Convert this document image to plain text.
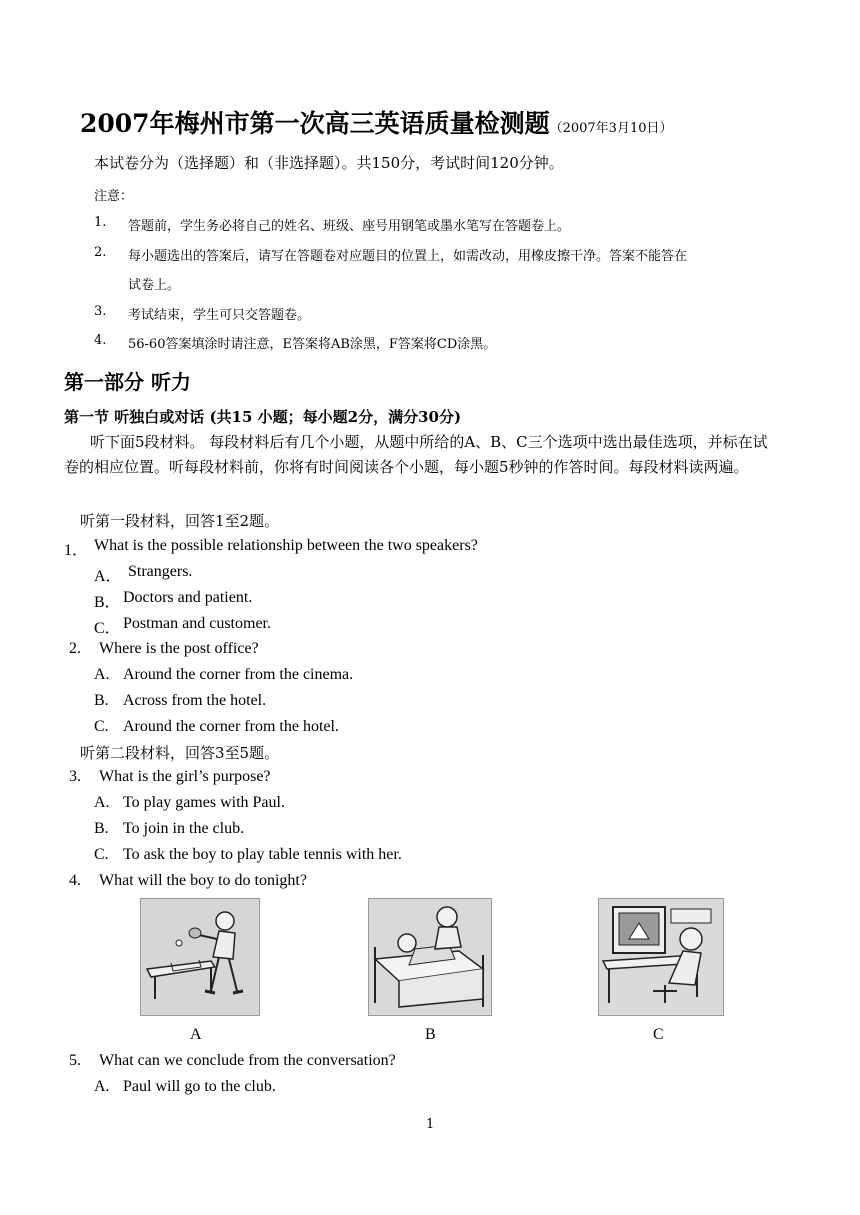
2007年梅州市第一次高三英语质量检测题（2007年3月10日）
本试卷分为（选择题）和（非选择题）。共150分，考试时间120分钟。
注意：
1. 答题前，学生务必将自己的姓名、班级、座号用钢笔或墨水笔写在答题卷上。
2. 每小题选出的答案后，请写在答题卷对应题目的位置上，如需改动，用橡皮擦干净。答案不能答在
试卷上。
3. 考试结束，学生可只交答题卷。
4. 56-60答案填涂时请注意，E答案将AB涂黑，F答案将CD涂黑。
第一部分 听力
第一节 听独白或对话 (共15 小题；每小题2分，满分30分)
听下面5段材料。 每段材料后有几个小题，从题中所给的A、B、C三个选项中选出最佳选项，并标在试卷的相应位置。听每段材料前，你将有时间阅读各个小题，每小题5秒钟的作答时间。每段材料读两遍。
听第一段材料，回答1至2题。
1． What is the possible relationship between the two speakers?
A． Strangers.
B． Doctors and patient.
C． Postman and customer.
2. Where is the post office?
A. Around the corner from the cinema.
B. Across from the hotel.
C. Around the corner from the hotel.
听第二段材料，回答3至5题。
3. What is the girl’s purpose?
A. To play games with Paul.
B. To join in the club.
C. To ask the boy to play table tennis with her.
4. What will the boy to do tonight?
A	B	C
5. What can we conclude from the conversation?
A. Paul will go to the club.
1
